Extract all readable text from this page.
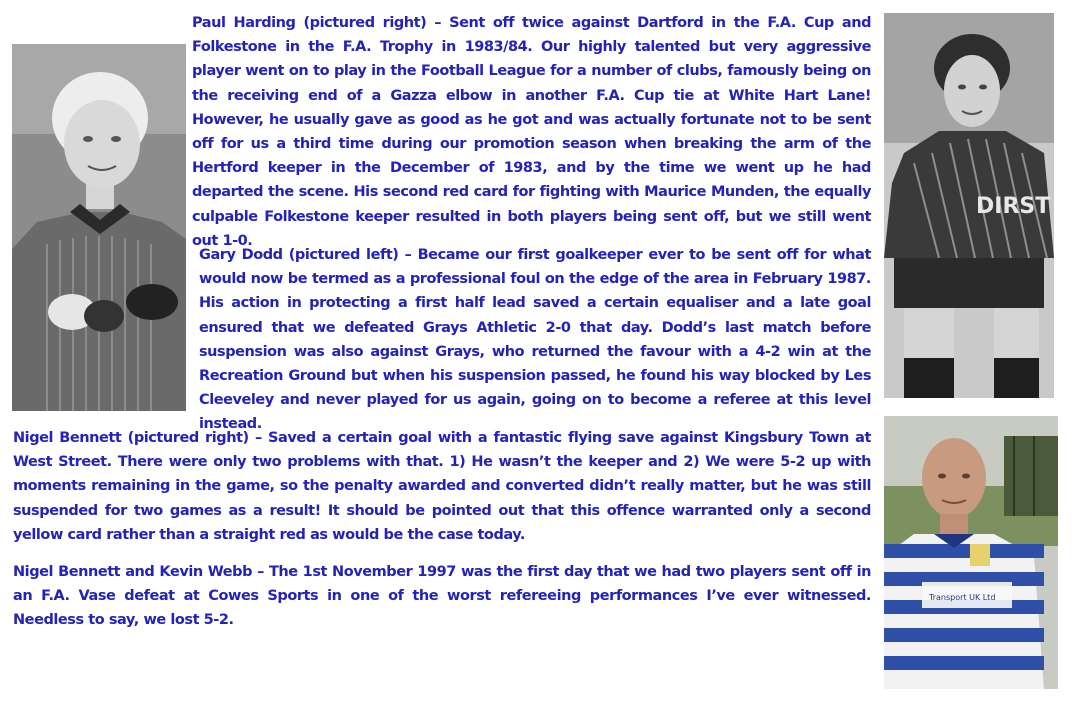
Paul Harding (pictured right) – Sent off twice against Dartford in the F.A. Cup and Folkestone in the F.A. Trophy in 1983/84. Our highly talented but very aggressive player went on to play in the Football League for a number of clubs, famously being on the receiving end of a Gazza elbow in another F.A. Cup tie at White Hart Lane! However, he usually gave as good as he got and was actually fortunate not to be sent off for us a third time during our promotion season when breaking the arm of the Hertford keeper in the December of 1983, and by the time we went up he had departed the scene. His second red card for fighting with Maurice Munden, the equally culpable Folkestone keeper resulted in both players being sent off, but we still went out 1-0.

Gary Dodd (pictured left) – Became our first goalkeeper ever to be sent off for what would now be termed as a professional foul on the edge of the area in February 1987. His action in protecting a first half lead saved a certain equaliser and a late goal ensured that we defeated Grays Athletic 2-0 that day. Dodd’s last match before suspension was also against Grays, who returned the favour with a 4-2 win at the Recreation Ground but when his suspension passed, he found his way blocked by Les Cleeveley and never played for us again, going on to become a referee at this level instead.

Nigel Bennett (pictured right) – Saved a certain goal with a fantastic flying save against Kingsbury Town at West Street. There were only two problems with that. 1) He wasn’t the keeper and 2) We were 5-2 up with moments remaining in the game, so the penalty awarded and converted didn’t really matter, but he was still suspended for two games as a result! It should be pointed out that this offence warranted only a second yellow card rather than a straight red as would be the case today.

Nigel Bennett and Kevin Webb – The 1st November 1997 was the first day that we had two players sent off in an F.A. Vase defeat at Cowes Sports in one of the worst refereeing performances I’ve ever witnessed. Needless to say, we lost 5-2.

DIRST
Transport UK Ltd
